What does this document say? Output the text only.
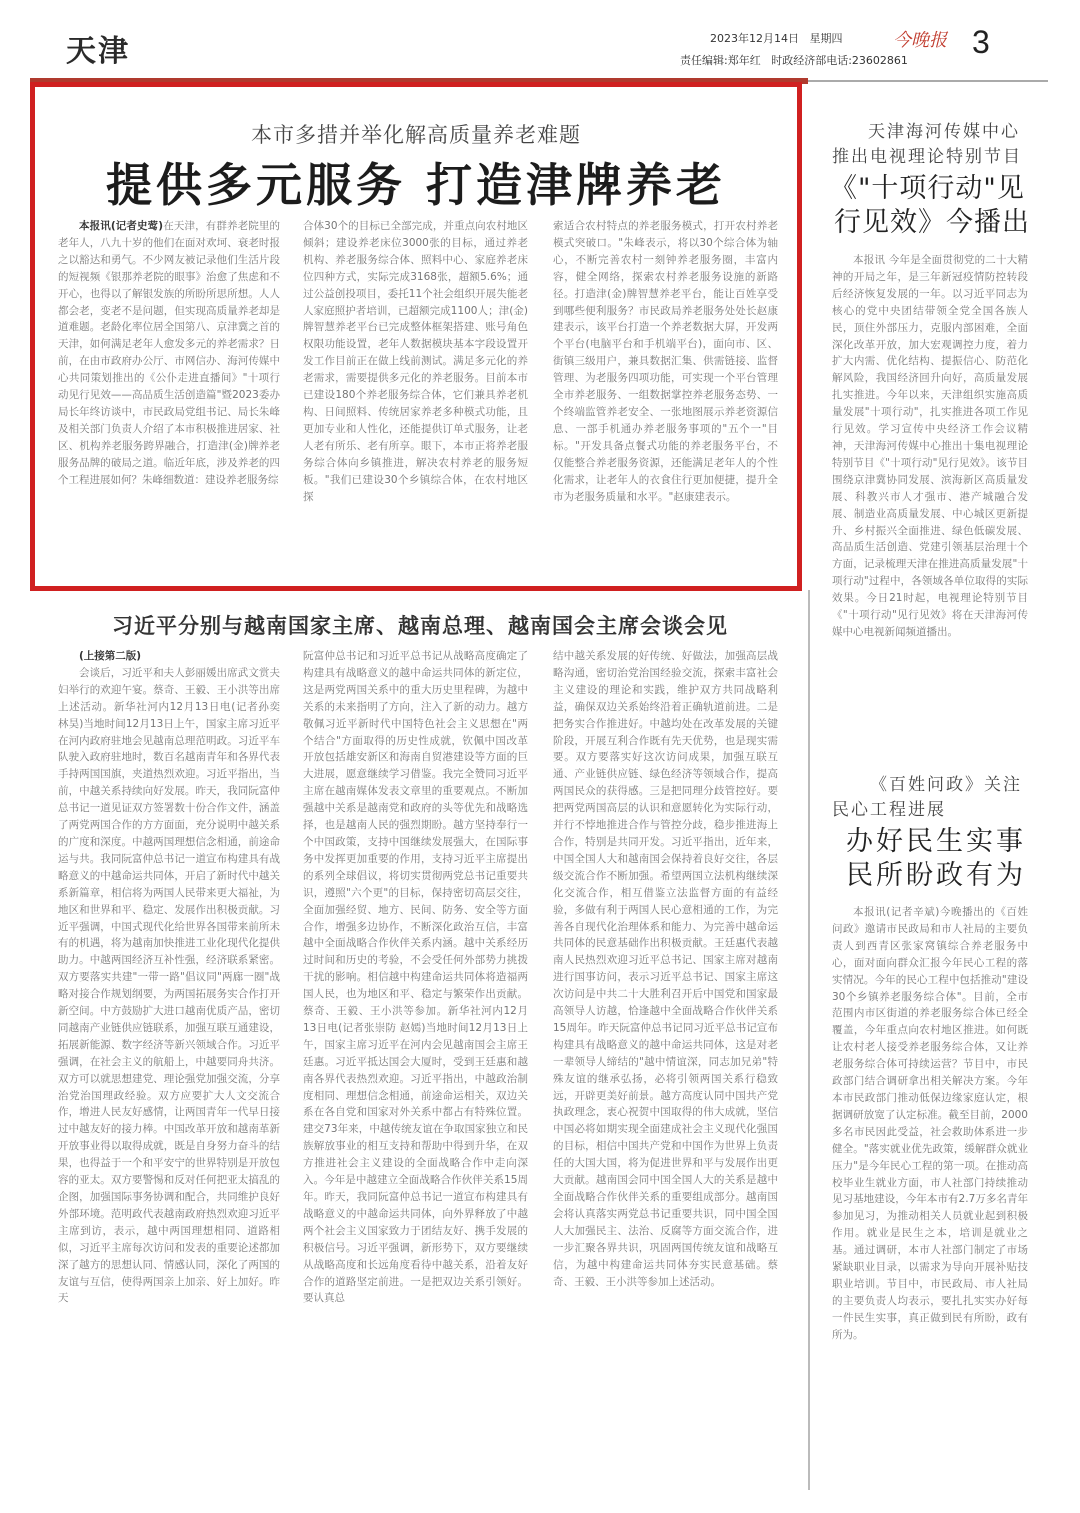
天津	2023年12月14日 星期四
责任编辑:郑年红 时政经济部电话:23602861
今晚报 3
本市多措并举化解高质量养老难题
提供多元服务 打造津牌养老

本报讯(记者史莺)在天津，有群养老院里的老年人，八九十岁的他们在面对欢坷、衰老时报之以豁达和勇气。不少网友被记录他们生活片段的短视频《银那养老院的眼事》治愈了焦虑和不开心，也得以了解银发族的所盼所思所想。人人都会老，变老不是问题，但实现高质量养老却是道难题。老龄化率位居全国第八、京津冀之首的天津，如何满足老年人愈发多元的养老需求？日前，在由市政府办公厅、市网信办、海河传媒中心共同策划推出的《公仆走进直播间》"十项行动见行见效——高品质生活创造篇"暨2023委办局长年终访谈中，市民政局党组书记、局长朱峰及相关部门负责人介绍了本市积极推进居家、社区、机构养老服务跨界融合，打造津(金)牌养老服务品牌的破局之道。临近年底，涉及养老的四个工程进展如何？朱峰细数道：建设养老服务综

合体30个的目标已全部完成，并重点向农村地区倾斜；建设养老床位3000张的目标，通过养老机构、养老服务综合体、照料中心、家庭养老床位四种方式，实际完成3168张，超额5.6%；通过公益创投项目，委托11个社会组织开展失能老人家庭照护者培训，已超额完成1100人；津(金)牌智慧养老平台已完成整体框架搭建、账号角色权限功能设置，老年人数据模块基本字段设置开发工作目前正在做上线前测试。满足多元化的养老需求，需要提供多元化的养老服务。目前本市已建设180个养老服务综合体，它们兼具养老机构、日间照料、传统居家养老多种模式功能，且更加专业和人性化，还能提供订单式服务，让老人老有所乐、老有所享。眼下，本市正将养老服务综合体向乡镇推进，解决农村养老的服务短板。"我们已建设30个乡镇综合体，在农村地区探
索适合农村特点的养老服务模式，打开农村养老模式突破口。"朱峰表示，将以30个综合体为轴心，不断完善农村一刻钟养老服务圈，丰富内容，健全网络，探索农村养老服务设施的新路径。打造津(金)牌智慧养老平台，能让百姓享受到哪些便利服务？市民政局养老服务处处长赵康建表示，该平台打造一个养老数据大屏，开发两个平台(电脑平台和手机端平台)，面向市、区、街镇三级用户，兼具数据汇集、供需链接、监督管理、为老服务四项功能，可实现一个平台管理全市养老服务、一组数据掌控养老服务态势、一个终端监管养老安全、一张地图展示养老资源信息、一部手机通办养老服务事项的"五个一"目标。"开发具备点餐式功能的养老服务平台，不仅能整合养老服务资源，还能满足老年人的个性化需求，让老年人的衣食住行更加便捷，提升全市为老服务质量和水平。"赵康建表示。
习近平分别与越南国家主席、越南总理、越南国会主席会谈会见

(上接第二版)

会谈后，习近平和夫人彭丽媛出席武文赏夫妇举行的欢迎午宴。蔡奇、王毅、王小洪等出席上述活动。新华社河内12月13日电(记者孙奕 林昊)当地时间12月13日上午，国家主席习近平在河内政府驻地会见越南总理范明政。习近平车队驶入政府驻地时，数百名越南青年和各界代表手持两国国旗，夹道热烈欢迎。习近平指出，当前，中越关系持续向好发展。昨天，我同阮富仲总书记一道见证双方签署数十份合作文件，涵盖了两党两国合作的方方面面，充分说明中越关系的广度和深度。中越两国理想信念相通，前途命运与共。我同阮富仲总书记一道宣布构建具有战略意义的中越命运共同体，开启了新时代中越关系新篇章，相信将为两国人民带来更大福祉，为地区和世界和平、稳定、发展作出积极贡献。习近平强调，中国式现代化给世界各国带来前所未有的机遇，将为越南加快推进工业化现代化提供助力。中越两国经济互补性强，经济联系紧密。双方要落实共建"一带一路"倡议同"两廊一圈"战略对接合作规划纲要，为两国拓展务实合作打开新空间。中方鼓励扩大进口越南优质产品，密切同越南产业链供应链联系，加强互联互通建设，拓展新能源、数字经济等新兴领域合作。习近平强调，在社会主义的航船上，中越要同舟共济。双方可以就思想建党、理论强党加强交流，分享治党治国理政经验。双方应要扩大人文交流合作，增进人民友好感情，让两国青年一代早日接过中越友好的接力棒。中国改革开放和越南革新开放事业得以取得成就，既是自身努力奋斗的结果，也得益于一个和平安宁的世界特别是开放包容的亚太。双方要警惕和反对任何把亚太搞乱的企图，加强国际事务协调和配合，共同维护良好外部环境。范明政代表越南政府热烈欢迎习近平主席到访，表示，越中两国理想相同、道路相似，习近平主席每次访问和发表的重要论述都加深了越方的思想认同、情感认同，深化了两国的友谊与互信，使得两国亲上加亲、好上加好。昨天

阮富仲总书记和习近平总书记从战略高度确定了构建具有战略意义的越中命运共同体的新定位，这是两党两国关系中的重大历史里程碑，为越中关系的未来指明了方向，注入了新的动力。越方敬佩习近平新时代中国特色社会主义思想在"两个结合"方面取得的历史性成就，钦佩中国改革开放包括雄安新区和海南自贸港建设等方面的巨大进展，愿意继续学习借鉴。我完全赞同习近平主席在越南媒体发表文章里的重要观点。不断加强越中关系是越南党和政府的头等优先和战略选择，也是越南人民的强烈期盼。越方坚持奉行一个中国政策，支持中国继续发展强大，在国际事务中发挥更加重要的作用，支持习近平主席提出的系列全球倡议，将切实贯彻两党总书记重要共识，遵照"六个更"的目标，保持密切高层交往，全面加强经贸、地方、民间、防务、安全等方面合作，增强多边协作，不断深化政治互信，丰富越中全面战略合作伙伴关系内涵。越中关系经历过时间和历史的考验，不会受任何外部势力挑拨干扰的影响。相信越中构建命运共同体将造福两国人民，也为地区和平、稳定与繁荣作出贡献。蔡奇、王毅、王小洪等参加。新华社河内12月13日电(记者张崇防 赵嫣)当地时间12月13日上午，国家主席习近平在河内会见越南国会主席王廷惠。习近平抵达国会大厦时，受到王廷惠和越南各界代表热烈欢迎。习近平指出，中越政治制度相同、理想信念相通，前途命运相关，双边关系在各自党和国家对外关系中都占有特殊位置。建交73年来，中越传统友谊在争取国家独立和民族解放事业的相互支持和帮助中得到升华，在双方推进社会主义建设的全面战略合作中走向深入。今年是中越建立全面战略合作伙伴关系15周年。昨天，我同阮富仲总书记一道宣布构建具有战略意义的中越命运共同体，向外界释放了中越两个社会主义国家致力于团结友好、携手发展的积极信号。习近平强调，新形势下，双方要继续从战略高度和长远角度看待中越关系，沿着友好合作的道路坚定前进。一是把双边关系引领好。要认真总
结中越关系发展的好传统、好做法，加强高层战略沟通，密切治党治国经验交流，探索丰富社会主义建设的理论和实践，维护双方共同战略利益，确保双边关系始终沿着正确轨道前进。二是把务实合作推进好。中越均处在改革发展的关键阶段，开展互利合作既有先天优势，也是现实需要。双方要落实好这次访问成果，加强互联互通、产业链供应链、绿色经济等领域合作，提高两国民众的获得感。三是把同理分歧管控好。要把两党两国高层的认识和意愿转化为实际行动，并行不悖地推进合作与管控分歧，稳步推进海上合作，特别是共同开发。习近平指出，近年来，中国全国人大和越南国会保持着良好交往，各层级交流合作不断加强。希望两国立法机构继续深化交流合作，相互借鉴立法监督方面的有益经验，多做有利于两国人民心意相通的工作，为完善各自现代化治理体系和能力、为完善中越命运共同体的民意基础作出积极贡献。王廷惠代表越南人民热烈欢迎习近平总书记、国家主席对越南进行国事访问，表示习近平总书记、国家主席这次访问是中共二十大胜利召开后中国党和国家最高领导人访越，恰逢越中全面战略合作伙伴关系15周年。昨天阮富仲总书记同习近平总书记宣布构建具有战略意义的越中命运共同体，这是对老一辈领导人缔结的"越中情谊深，同志加兄弟"特殊友谊的继承弘扬，必将引领两国关系行稳致远，开辟更美好前景。越方高度认同中国共产党执政理念，衷心祝贺中国取得的伟大成就，坚信中国必将如期实现全面建成社会主义现代化强国的目标，相信中国共产党和中国作为世界上负责任的大国大国，将为促进世界和平与发展作出更大贡献。越南国会同中国全国人大的关系是越中全面战略合作伙伴关系的重要组成部分。越南国会将认真落实两党总书记重要共识，同中国全国人大加强民主、法治、反腐等方面交流合作，进一步汇聚各界共识，巩固两国传统友谊和战略互信，为越中构建命运共同体夯实民意基础。蔡奇、王毅、王小洪等参加上述活动。
天津海河传媒中心
推出电视理论特别节目
《"十项行动"见
行见效》今播出

本报讯 今年是全面贯彻党的二十大精神的开局之年，是三年新冠疫情防控转段后经济恢复发展的一年。以习近平同志为核心的党中央团结带领全党全国各族人民，顶住外部压力，克服内部困难，全面深化改革开放，加大宏观调控力度，着力扩大内需、优化结构、提振信心、防范化解风险，我国经济回升向好，高质量发展扎实推进。今年以来，天津组织实施高质量发展"十项行动"，扎实推进各项工作见行见效。学习宣传中央经济工作会议精神，天津海河传媒中心推出十集电视理论特别节目《"十项行动"见行见效》。该节目围绕京津冀协同发展、滨海新区高质量发展、科教兴市人才强市、港产城融合发展、制造业高质量发展、中心城区更新提升、乡村振兴全面推进、绿色低碳发展、高品质生活创造、党建引领基层治理十个方面，记录梳理天津在推进高质量发展"十项行动"过程中，各领域各单位取得的实际效果。今日21时起，电视理论特别节目《"十项行动"见行见效》将在天津海河传媒中心电视新闻频道播出。

《百姓问政》关注
民心工程进展
办好民生实事
民所盼政有为

本报讯(记者辛斌)今晚播出的《百姓问政》邀请市民政局和市人社局的主要负责人到西青区张家窝镇综合养老服务中心，面对面向群众汇报今年民心工程的落实情况。今年的民心工程中包括推动"建设30个乡镇养老服务综合体"。目前，全市范围内市区街道的养老服务综合体已经全覆盖，今年重点向农村地区推进。如何既让农村老人接受养老服务综合体，又让养老服务综合体可持续运营？节目中，市民政部门结合调研拿出相关解决方案。今年本市民政部门推动低保边缘家庭认定，根据调研放宽了认定标准。截至目前，2000多名市民因此受益，社会救助体系进一步健全。"落实就业优先政策，缓解群众就业压力"是今年民心工程的第一项。在推动高校毕业生就业方面，市人社部门持续推动见习基地建设，今年本市有2.7万多名青年参加见习，为推动相关人员就业起到积极作用。就业是民生之本，培训是就业之基。通过调研，本市人社部门制定了市场紧缺职业目录，以需求为导向开展补贴技职业培训。节目中，市民政局、市人社局的主要负责人均表示，要扎扎实实办好每一件民生实事，真正做到民有所盼，政有所为。
